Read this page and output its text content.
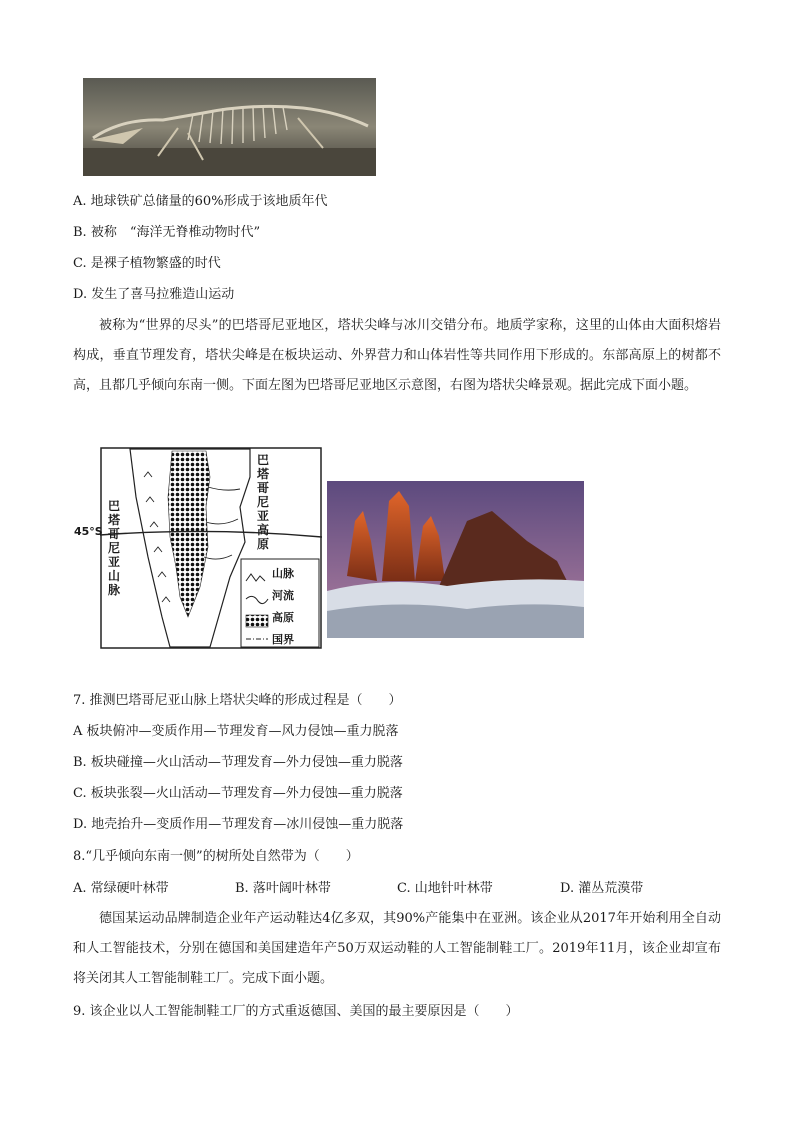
A. 地球铁矿总储量的60%形成于该地质年代
B. 被称　“海洋无脊椎动物时代”
C. 是裸子植物繁盛的时代
D. 发生了喜马拉雅造山运动
被称为“世界的尽头”的巴塔哥尼亚地区，塔状尖峰与冰川交错分布。地质学家称，这里的山体由大面积熔岩构成，垂直节理发育，塔状尖峰是在板块运动、外界营力和山体岩性等共同作用下形成的。东部高原上的树都不高，且都几乎倾向东南一侧。下面左图为巴塔哥尼亚地区示意图，右图为塔状尖峰景观。据此完成下面小题。
45°S
巴塔哥尼亚高原
巴塔哥尼亚山脉
山脉
河流
高原
国界
7. 推测巴塔哥尼亚山脉上塔状尖峰的形成过程是（　　）
A 板块俯冲—变质作用—节理发育—风力侵蚀—重力脱落
B. 板块碰撞—火山活动—节理发育—外力侵蚀—重力脱落
C. 板块张裂—火山活动—节理发育—外力侵蚀—重力脱落
D. 地壳抬升—变质作用—节理发育—冰川侵蚀—重力脱落
8.“几乎倾向东南一侧”的树所处自然带为（　　）
A. 常绿硬叶林带	B. 落叶阔叶林带	C. 山地针叶林带	D. 灌丛荒漠带
德国某运动品牌制造企业年产运动鞋达4亿多双，其90%产能集中在亚洲。该企业从2017年开始利用全自动和人工智能技术，分别在德国和美国建造年产50万双运动鞋的人工智能制鞋工厂。2019年11月，该企业却宣布将关闭其人工智能制鞋工厂。完成下面小题。
9. 该企业以人工智能制鞋工厂的方式重返德国、美国的最主要原因是（　　）
